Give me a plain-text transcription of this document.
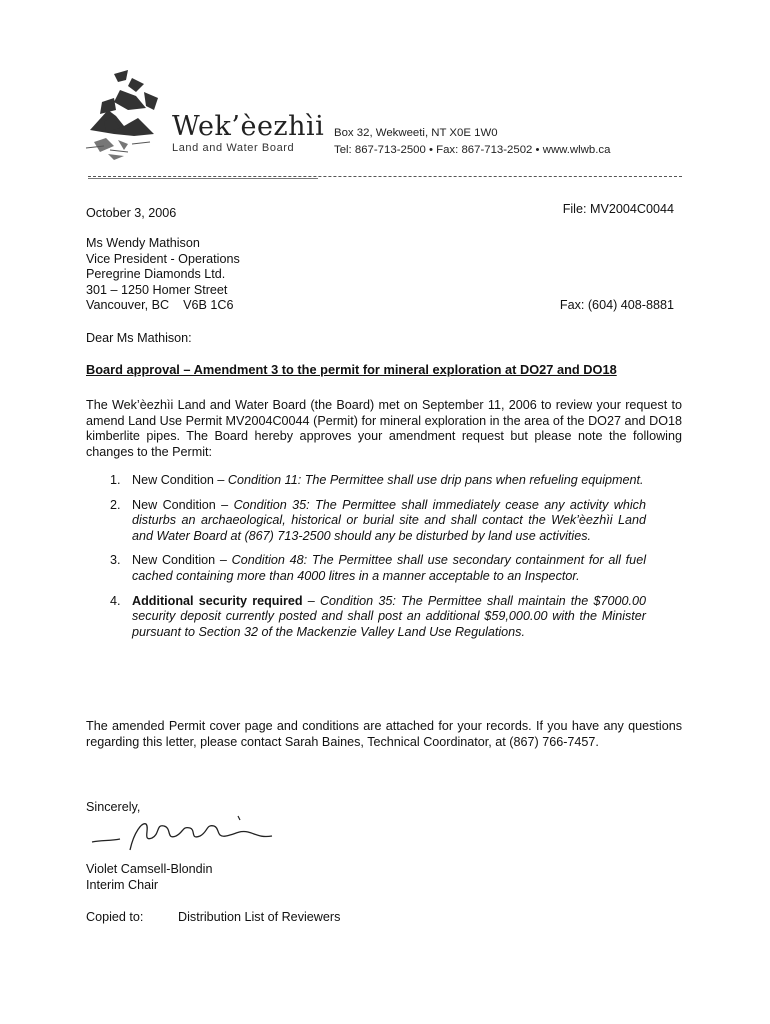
Wek’èezhìi
Land and Water Board
Box 32, Wekweeti, NT X0E 1W0
Tel: 867-713-2500 • Fax: 867-713-2502 • www.wlwb.ca
October 3, 2006	File: MV2004C0044
Ms Wendy Mathison
Vice President - Operations
Peregrine Diamonds Ltd.
301 – 1250 Homer Street
Vancouver, BC    V6B 1C6	Fax: (604) 408-8881
Dear Ms Mathison:
Board approval – Amendment 3 to the permit for mineral exploration at DO27 and DO18
The Wek’èezhìi Land and Water Board (the Board) met on September 11, 2006 to review your request to amend Land Use Permit MV2004C0044 (Permit) for mineral exploration in the area of the DO27 and DO18 kimberlite pipes. The Board hereby approves your amendment request but please note the following changes to the Permit:
1. New Condition – Condition 11: The Permittee shall use drip pans when refueling equipment.
2. New Condition – Condition 35: The Permittee shall immediately cease any activity which disturbs an archaeological, historical or burial site and shall contact the Wek’èezhìi Land and Water Board at (867) 713-2500 should any be disturbed by land use activities.
3. New Condition – Condition 48: The Permittee shall use secondary containment for all fuel cached containing more than 4000 litres in a manner acceptable to an Inspector.
4. Additional security required – Condition 35: The Permittee shall maintain the $7000.00 security deposit currently posted and shall post an additional $59,000.00 with the Minister pursuant to Section 32 of the Mackenzie Valley Land Use Regulations.
The amended Permit cover page and conditions are attached for your records. If you have any questions regarding this letter, please contact Sarah Baines, Technical Coordinator, at (867) 766-7457.
Sincerely,
Violet Camsell-Blondin
Interim Chair
Copied to:	Distribution List of Reviewers
